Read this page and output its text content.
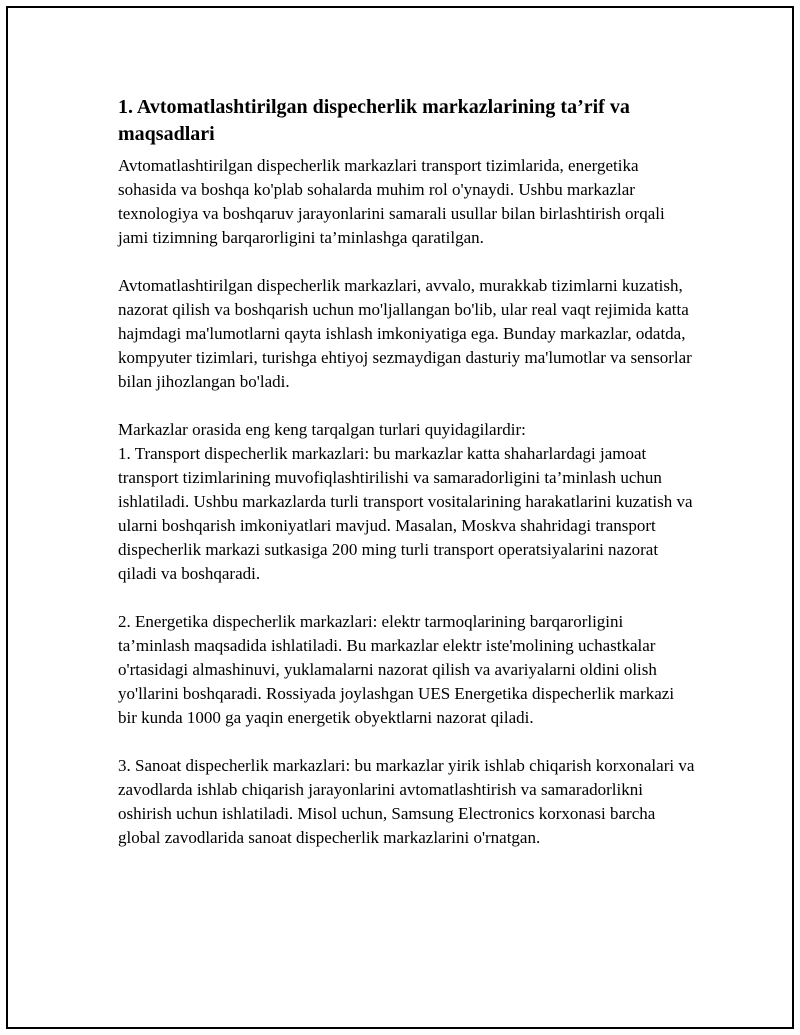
1. Avtomatlashtirilgan dispecherlik markazlarining ta’rif va maqsadlari

Avtomatlashtirilgan dispecherlik markazlari transport tizimlarida, energetika sohasida va boshqa ko'plab sohalarda muhim rol o'ynaydi. Ushbu markazlar texnologiya va boshqaruv jarayonlarini samarali usullar bilan birlashtirish orqali jami tizimning barqarorligini ta’minlashga qaratilgan.

Avtomatlashtirilgan dispecherlik markazlari, avvalo, murakkab tizimlarni kuzatish, nazorat qilish va boshqarish uchun mo'ljallangan bo'lib, ular real vaqt rejimida katta hajmdagi ma'lumotlarni qayta ishlash imkoniyatiga ega. Bunday markazlar, odatda, kompyuter tizimlari, turishga ehtiyoj sezmaydigan dasturiy ma'lumotlar va sensorlar bilan jihozlangan bo'ladi.

Markazlar orasida eng keng tarqalgan turlari quyidagilardir:

1. Transport dispecherlik markazlari: bu markazlar katta shaharlardagi jamoat transport tizimlarining muvofiqlashtirilishi va samaradorligini ta’minlash uchun ishlatiladi. Ushbu markazlarda turli transport vositalarining harakatlarini kuzatish va ularni boshqarish imkoniyatlari mavjud. Masalan, Moskva shahridagi transport dispecherlik markazi sutkasiga 200 ming turli transport operatsiyalarini nazorat qiladi va boshqaradi.

2. Energetika dispecherlik markazlari: elektr tarmoqlarining barqarorligini ta’minlash maqsadida ishlatiladi. Bu markazlar elektr iste'molining uchastkalar o'rtasidagi almashinuvi, yuklamalarni nazorat qilish va avariyalarni oldini olish yo'llarini boshqaradi. Rossiyada joylashgan UES Energetika dispecherlik markazi bir kunda 1000 ga yaqin energetik obyektlarni nazorat qiladi.

3. Sanoat dispecherlik markazlari: bu markazlar yirik ishlab chiqarish korxonalari va zavodlarda ishlab chiqarish jarayonlarini avtomatlashtirish va samaradorlikni oshirish uchun ishlatiladi. Misol uchun, Samsung Electronics korxonasi barcha global zavodlarida sanoat dispecherlik markazlarini o'rnatgan.
